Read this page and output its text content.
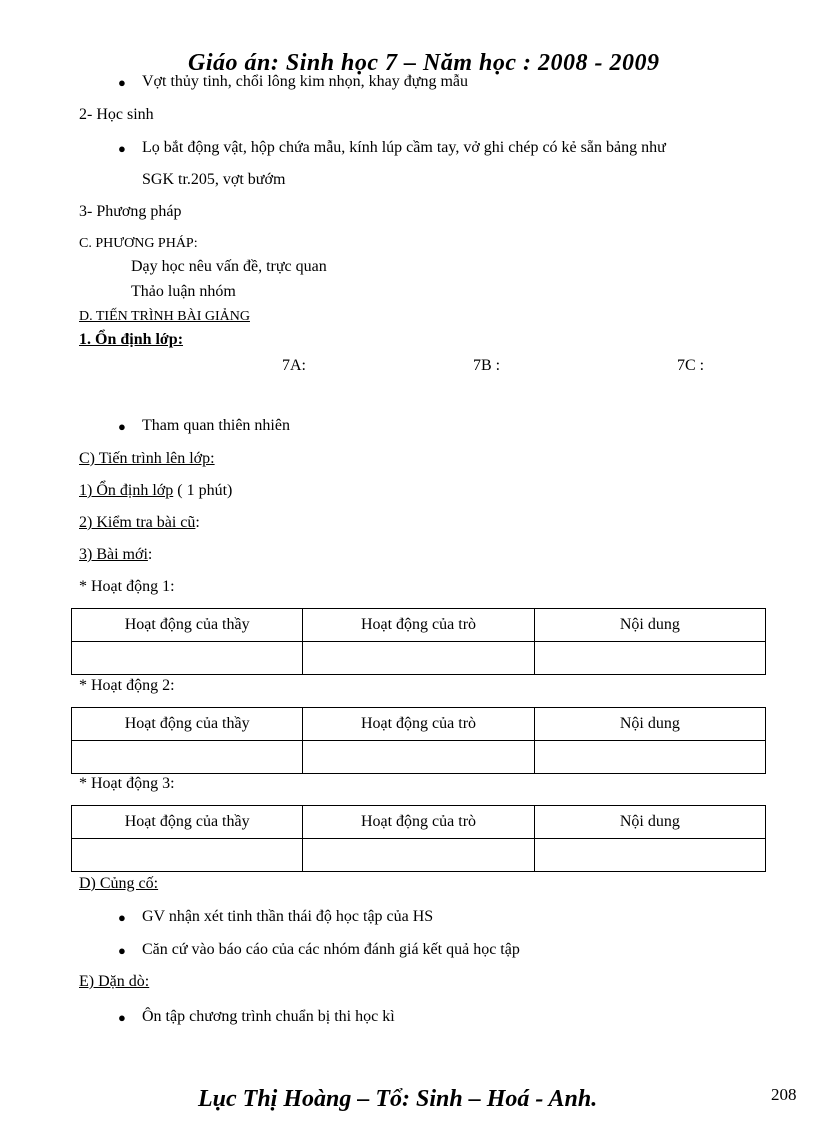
Giáo án: Sinh học 7 – Năm học : 2008 - 2009
● Vợt thủy tinh, chổi lông kim nhọn, khay đựng mẫu
2- Học sinh
● Lọ bắt động vật, hộp chứa mẫu, kính lúp cầm tay, vở ghi chép có kẻ sẵn bảng như
SGK tr.205, vợt bướm
3- Phương pháp
C. PHƯƠNG PHÁP:
Dạy học nêu vấn đề, trực quan
Thảo luận nhóm
D. TIẾN TRÌNH BÀI GIẢNG
1. Ổn định lớp:
7A:	7B :	7C :
● Tham quan thiên nhiên
C) Tiến trình lên lớp:
1) Ổn định lớp ( 1 phút)
2) Kiểm tra bài cũ:
3) Bài mới:
* Hoạt động 1:
Hoạt động của thầy	Hoạt động của trò	Nội dung

* Hoạt động 2:
Hoạt động của thầy	Hoạt động của trò	Nội dung

* Hoạt động 3:
Hoạt động của thầy	Hoạt động của trò	Nội dung

D) Củng cố:
● GV nhận xét tinh thần thái độ học tập của HS
● Căn cứ vào báo cáo của các nhóm đánh giá kết quả học tập
E) Dặn dò:
● Ôn tập chương trình chuẩn bị thi học kì
Lục Thị Hoàng – Tổ: Sinh – Hoá - Anh.	208
